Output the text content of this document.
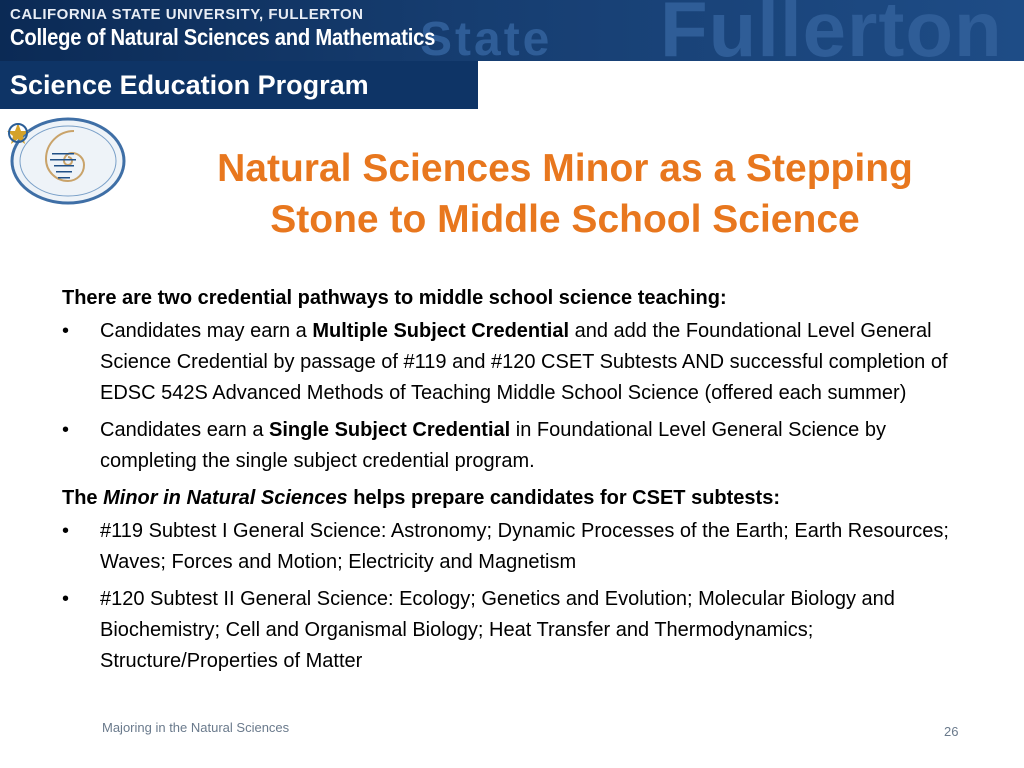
State Fullerton
CALIFORNIA STATE UNIVERSITY, FULLERTON
College of Natural Sciences and Mathematics
Science Education Program
Natural Sciences Minor as a Stepping
Stone to Middle School Science
There are two credential pathways to middle school science teaching:
•	Candidates may earn a Multiple Subject Credential and add the Foundational Level General Science Credential by passage of #119 and #120 CSET Subtests AND successful completion of EDSC 542S Advanced Methods of Teaching Middle School Science (offered each summer)
•	Candidates earn a Single Subject Credential in Foundational Level General Science by completing the single subject credential program.
The Minor in Natural Sciences helps prepare candidates for CSET subtests:
•	#119 Subtest I General Science: Astronomy; Dynamic Processes of the Earth; Earth Resources; Waves; Forces and Motion; Electricity and Magnetism
•	#120 Subtest II General Science: Ecology; Genetics and Evolution; Molecular Biology and Biochemistry; Cell and Organismal Biology; Heat Transfer and Thermodynamics; Structure/Properties of Matter
Majoring in the Natural Sciences	26
